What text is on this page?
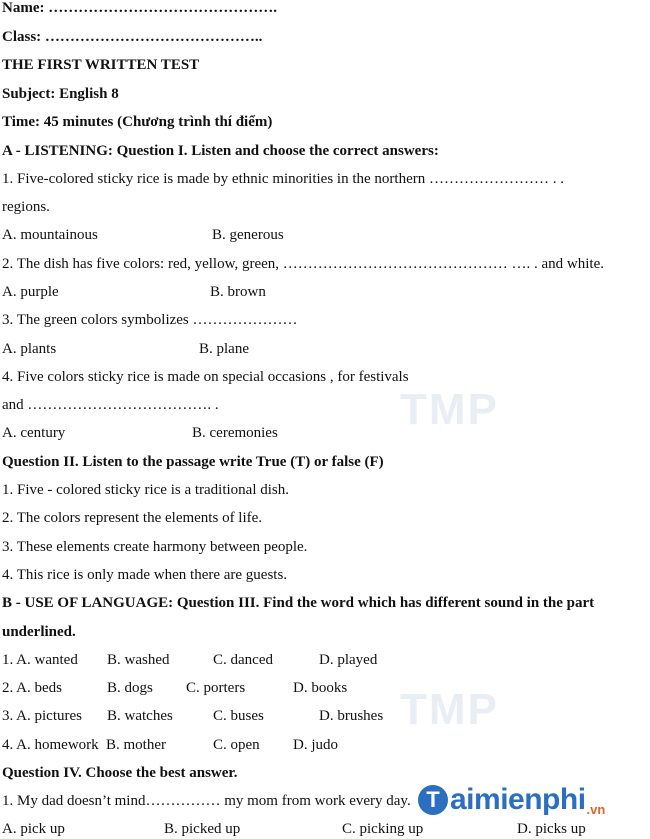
TMP
TMP
Name: ……………………………………….
Class: ……………………………………..
THE FIRST WRITTEN TEST
Subject: English 8
Time: 45 minutes (Chương trình thí điểm)
A - LISTENING: Question I. Listen and choose the correct answers:
1. Five-colored sticky rice is made by ethnic minorities in the northern …………………… . .
regions.
A. mountainous	B. generous
2. The dish has five colors: red, yellow, green, ……………………………………… …. . and white.
A. purple	B. brown
3. The green colors symbolizes …………………
A. plants	B. plane
4. Five colors sticky rice is made on special occasions , for festivals
and ………………………………. .
A. century	B. ceremonies
Question II. Listen to the passage write True (T) or false (F)
1. Five - colored sticky rice is a traditional dish.
2. The colors represent the elements of life.
3. These elements create harmony between people.
4. This rice is only made when there are guests.
B - USE OF LANGUAGE: Question III. Find the word which has different sound in the part
underlined.
1. A. wanted B. washed	C. danced	D. played
2. A. beds	B. dogs C. porters	D. books
3. A. pictures B. watches	C. buses	D. brushes
4. A. homework B. mother	C. open D. judo
Question IV. Choose the best answer.
1. My dad doesn’t mind…………… my mom from work every day.
A. pick up	B. picked up	C. picking up	D. picks up
T aimienphi .vn
